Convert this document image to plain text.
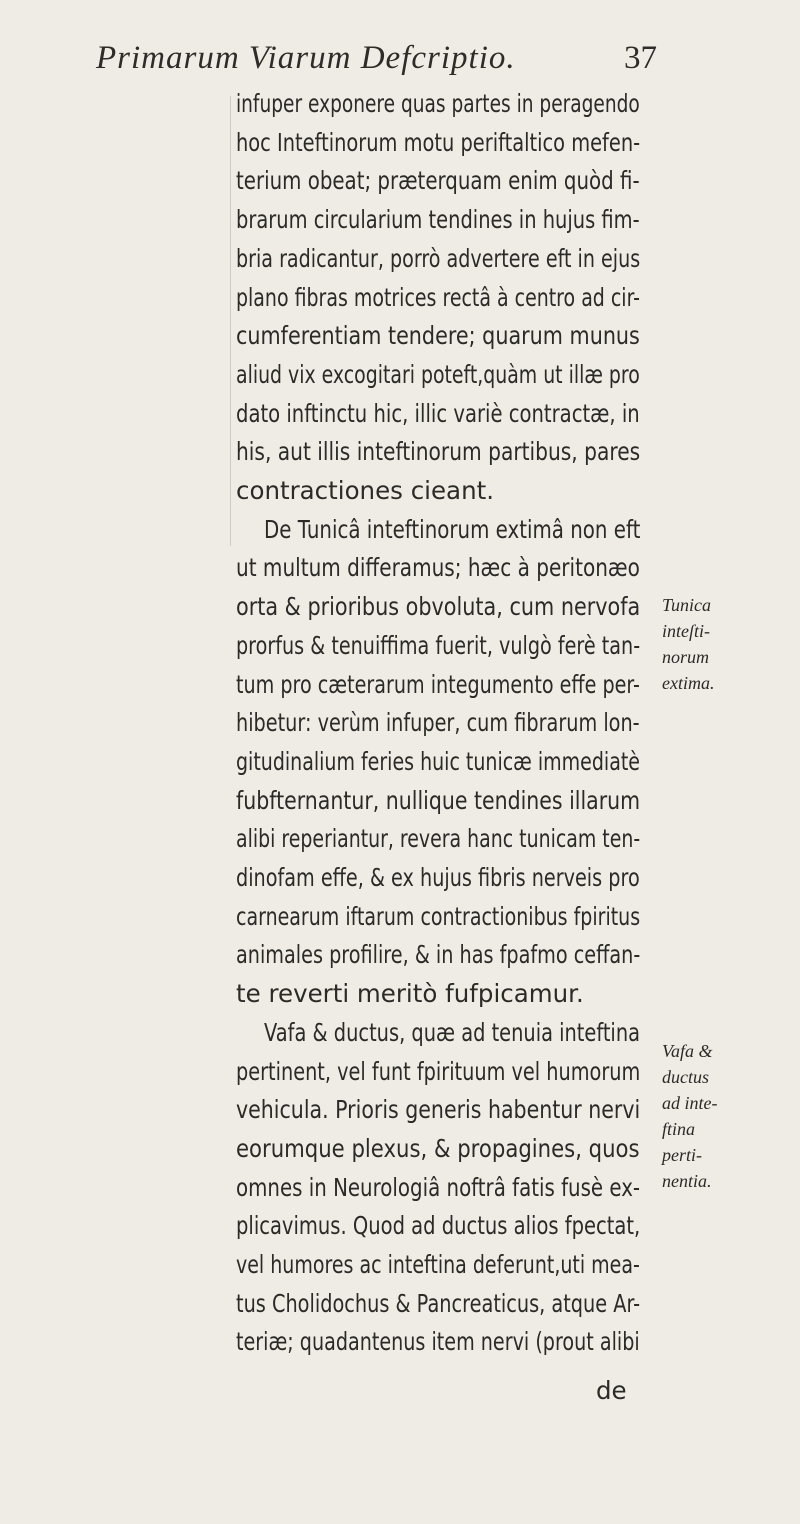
Primarum Viarum Defcriptio.	37
infuper exponere quas partes in peragendo
hoc Inteftinorum motu periftaltico mefen-
terium obeat; prӕterquam enim quòd fi-
brarum circularium tendines in hujus fim-
bria radicantur, porrò advertere eft in ejus
plano fibras motrices rectâ à centro ad cir-
cumferentiam tendere; quarum munus
aliud vix excogitari poteft,quàm ut illӕ pro
dato inftinctu hic, illic variè contractӕ, in
his, aut illis inteftinorum partibus, pares
contractiones cieant.
De Tunicâ inteftinorum extimâ non eft
ut multum differamus; hӕc à peritonӕo
orta & prioribus obvoluta, cum nervofa
prorfus & tenuiffima fuerit, vulgò ferè tan-
tum pro cӕterarum integumento effe per-
hibetur: verùm infuper, cum fibrarum lon-
gitudinalium feries huic tunicӕ immediatè
fubfternantur, nullique tendines illarum
alibi reperiantur, revera hanc tunicam ten-
dinofam effe, & ex hujus fibris nerveis pro
carnearum iftarum contractionibus fpiritus
animales profilire, & in has fpafmo ceffan-
te reverti meritò fufpicamur.
Vafa & ductus, quӕ ad tenuia inteftina
pertinent, vel funt fpirituum vel humorum
vehicula. Prioris generis habentur nervi
eorumque plexus, & propagines, quos
omnes in Neurologiâ noftrâ fatis fusè ex-
plicavimus. Quod ad ductus alios fpectat,
vel humores ac inteftina deferunt,uti mea-
tus Cholidochus & Pancreaticus, atque Ar-
teriӕ; quadantenus item nervi (prout alibi
Tunica
inteſti-
norum
extima.
Vafa &
ductus
ad inte-
ftina
perti-
nentia.
de
